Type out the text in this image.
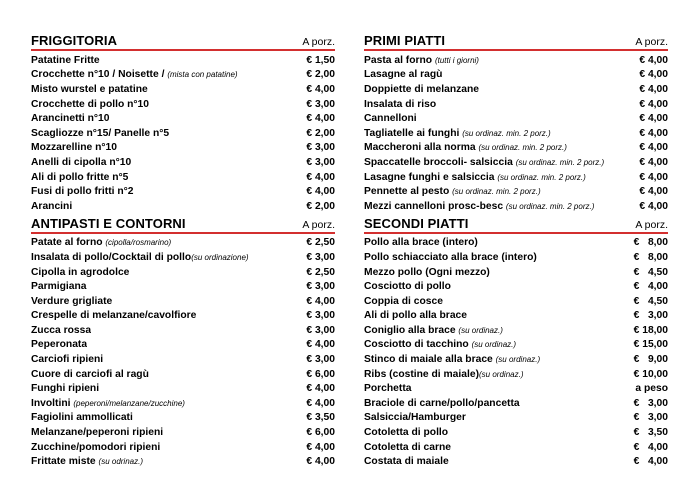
FRIGGITORIA	A porz.
Patatine Fritte	€ 1,50
Crocchette n°10 / Noisette / (mista con patatine)	€ 2,00
Misto wurstel e patatine	€ 4,00
Crocchette di pollo n°10	€ 3,00
Arancinetti n°10	€ 4,00
Scagliozze n°15/ Panelle n°5	€ 2,00
Mozzarelline n°10	€ 3,00
Anelli di cipolla n°10	€ 3,00
Ali di pollo fritte n°5	€ 4,00
Fusi di pollo fritti n°2	€ 4,00
Arancini	€ 2,00
ANTIPASTI E CONTORNI	A porz.
Patate al forno (cipolla/rosmarino)	€ 2,50
Insalata di pollo/Cocktail di pollo(su ordinazione)	€ 3,00
Cipolla in agrodolce	€ 2,50
Parmigiana	€ 3,00
Verdure grigliate	€ 4,00
Crespelle di melanzane/cavolfiore	€ 3,00
Zucca rossa	€ 3,00
Peperonata	€ 4,00
Carciofi ripieni	€ 3,00
Cuore di carciofi al ragù	€ 6,00
Funghi ripieni	€ 4,00
Involtini (peperoni/melanzane/zucchine)	€ 4,00
Fagiolini ammollicati	€ 3,50
Melanzane/peperoni ripieni	€ 6,00
Zucchine/pomodori ripieni	€ 4,00
Frittate miste (su odrinaz.)	€ 4,00
PRIMI PIATTI	A porz.
Pasta al forno (tutti i giorni)	€ 4,00
Lasagne al ragù	€ 4,00
Doppiette di melanzane	€ 4,00
Insalata di riso	€ 4,00
Cannelloni	€ 4,00
Tagliatelle ai funghi (su ordinaz. min. 2 porz.)	€ 4,00
Maccheroni alla norma (su ordinaz. min. 2 porz.)	€ 4,00
Spaccatelle broccoli- salsiccia (su ordinaz. min. 2 porz.)	€ 4,00
Lasagne funghi e salsiccia (su ordinaz. min. 2 porz.)	€ 4,00
Pennette al pesto (su ordinaz. min. 2 porz.)	€ 4,00
Mezzi cannelloni prosc-besc (su ordinaz. min. 2 porz.)	€ 4,00
SECONDI PIATTI	A porz.
Pollo alla brace (intero)	€   8,00
Pollo schiacciato alla brace (intero)	€   8,00
Mezzo pollo (Ogni mezzo)	€   4,50
Cosciotto di pollo	€   4,00
Coppia di cosce	€   4,50
Ali di pollo alla brace	€   3,00
Coniglio alla brace (su ordinaz.)	€ 18,00
Cosciotto di tacchino (su ordinaz.)	€ 15,00
Stinco di maiale alla brace (su ordinaz.)	€   9,00
Ribs (costine di maiale)(su ordinaz.)	€ 10,00
Porchetta	a peso
Braciole di carne/pollo/pancetta	€   3,00
Salsiccia/Hamburger	€   3,00
Cotoletta di pollo	€   3,50
Cotoletta di carne	€   4,00
Costata di maiale	€   4,00
